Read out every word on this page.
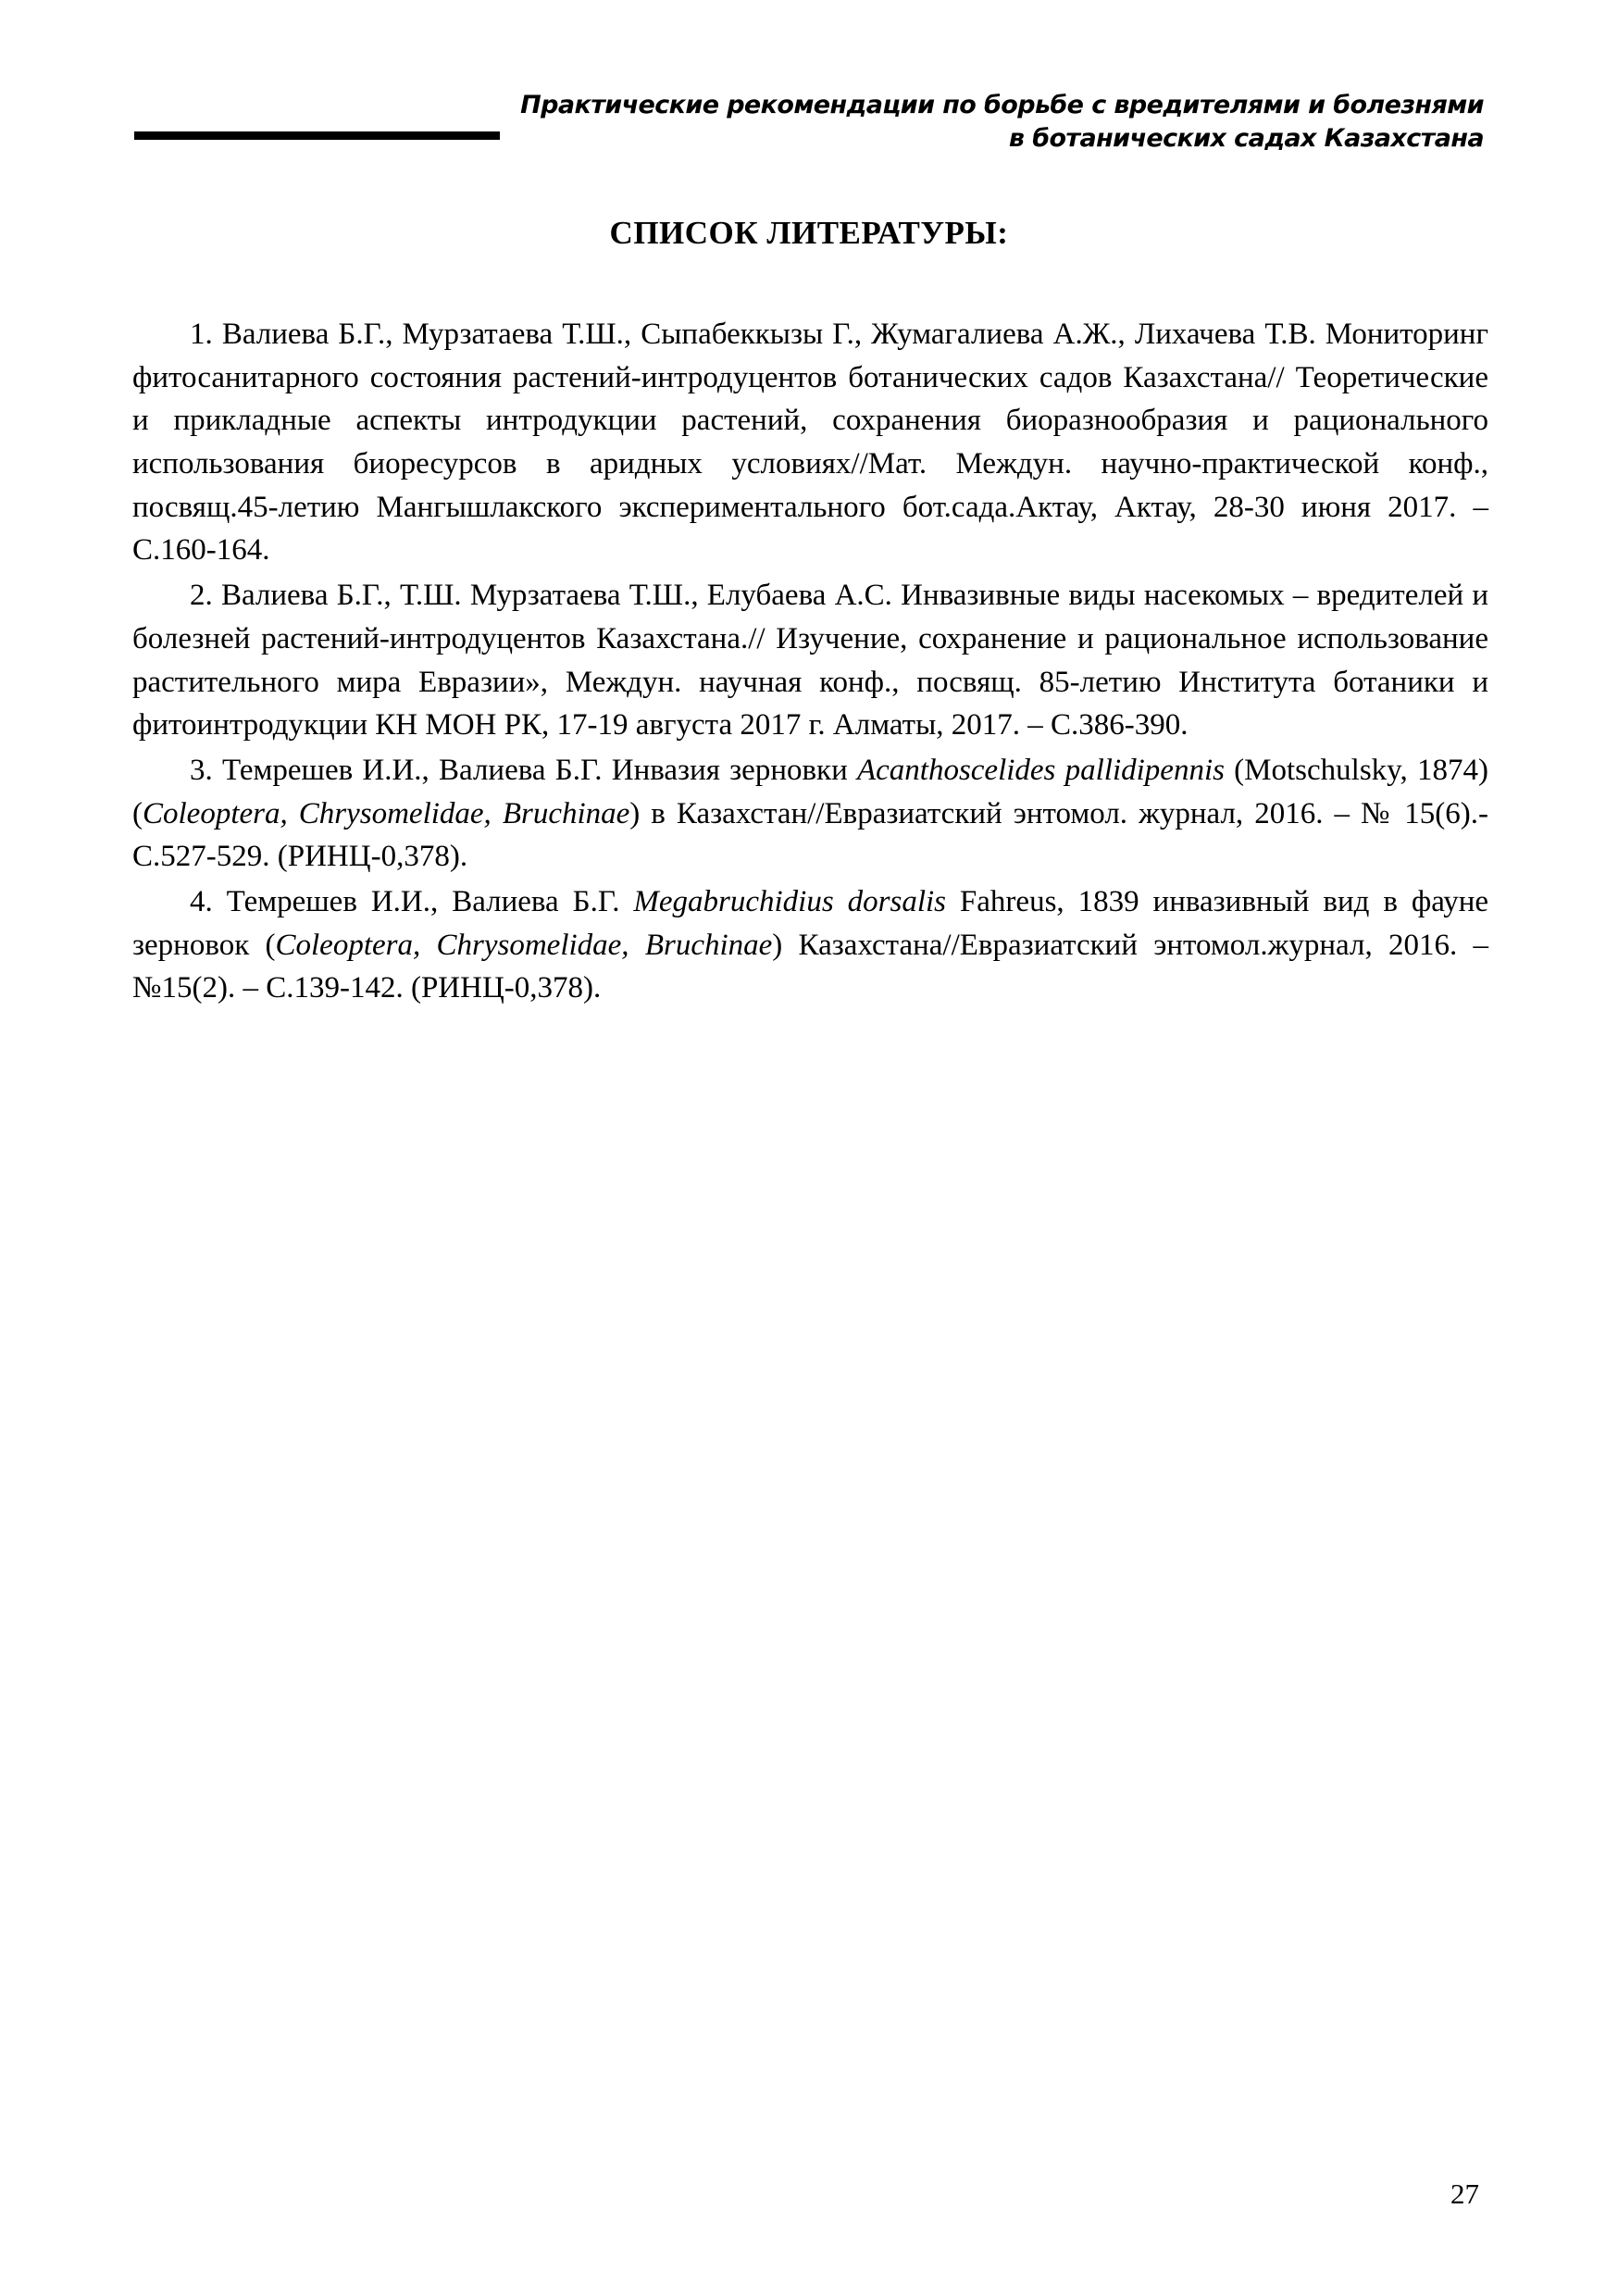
Практические рекомендации по борьбе с вредителями и болезнями
в ботанических садах Казахстана
СПИСОК ЛИТЕРАТУРЫ:

1. Валиева Б.Г., Мурзатаева Т.Ш., Сыпабеккызы Г., Жумагалиева А.Ж., Лихачева Т.В. Мониторинг фитосанитарного состояния растений-интродуцентов ботанических садов Казахстана// Теоретические и прикладные аспекты интродукции растений, сохранения биоразнообразия и рационального использования биоресурсов в аридных условиях//Мат. Междун. научно-практической конф., посвящ.45-летию Мангышлакского экспериментального бот.сада.Актау, Актау, 28-30 июня 2017. – С.160-164.

2. Валиева Б.Г., Т.Ш. Мурзатаева Т.Ш., Елубаева А.С. Инвазивные виды насекомых – вредителей и болезней растений-интродуцентов Казахстана.// Изучение, сохранение и рациональное использование растительного мира Евразии», Междун. научная конф., посвящ. 85-летию Института ботаники и фитоинтродукции КН МОН РК, 17-19 августа 2017 г. Алматы, 2017. – С.386-390.

3. Темрешев И.И., Валиева Б.Г. Инвазия зерновки Acanthoscelides pallidipennis (Motschulsky, 1874) (Coleoptera, Chrysomelidae, Bruchinae) в Казахстан//Евразиатский энтомол. журнал, 2016. – № 15(6).- С.527-529. (РИНЦ-0,378).

4. Темрешев И.И., Валиева Б.Г. Megabruchidius dorsalis Fahreus, 1839 инвазивный вид в фауне зерновок (Coleoptera, Chrysomelidae, Bruchinae) Казахстана//Евразиатский энтомол.журнал, 2016. – №15(2). – С.139-142. (РИНЦ-0,378).

27
